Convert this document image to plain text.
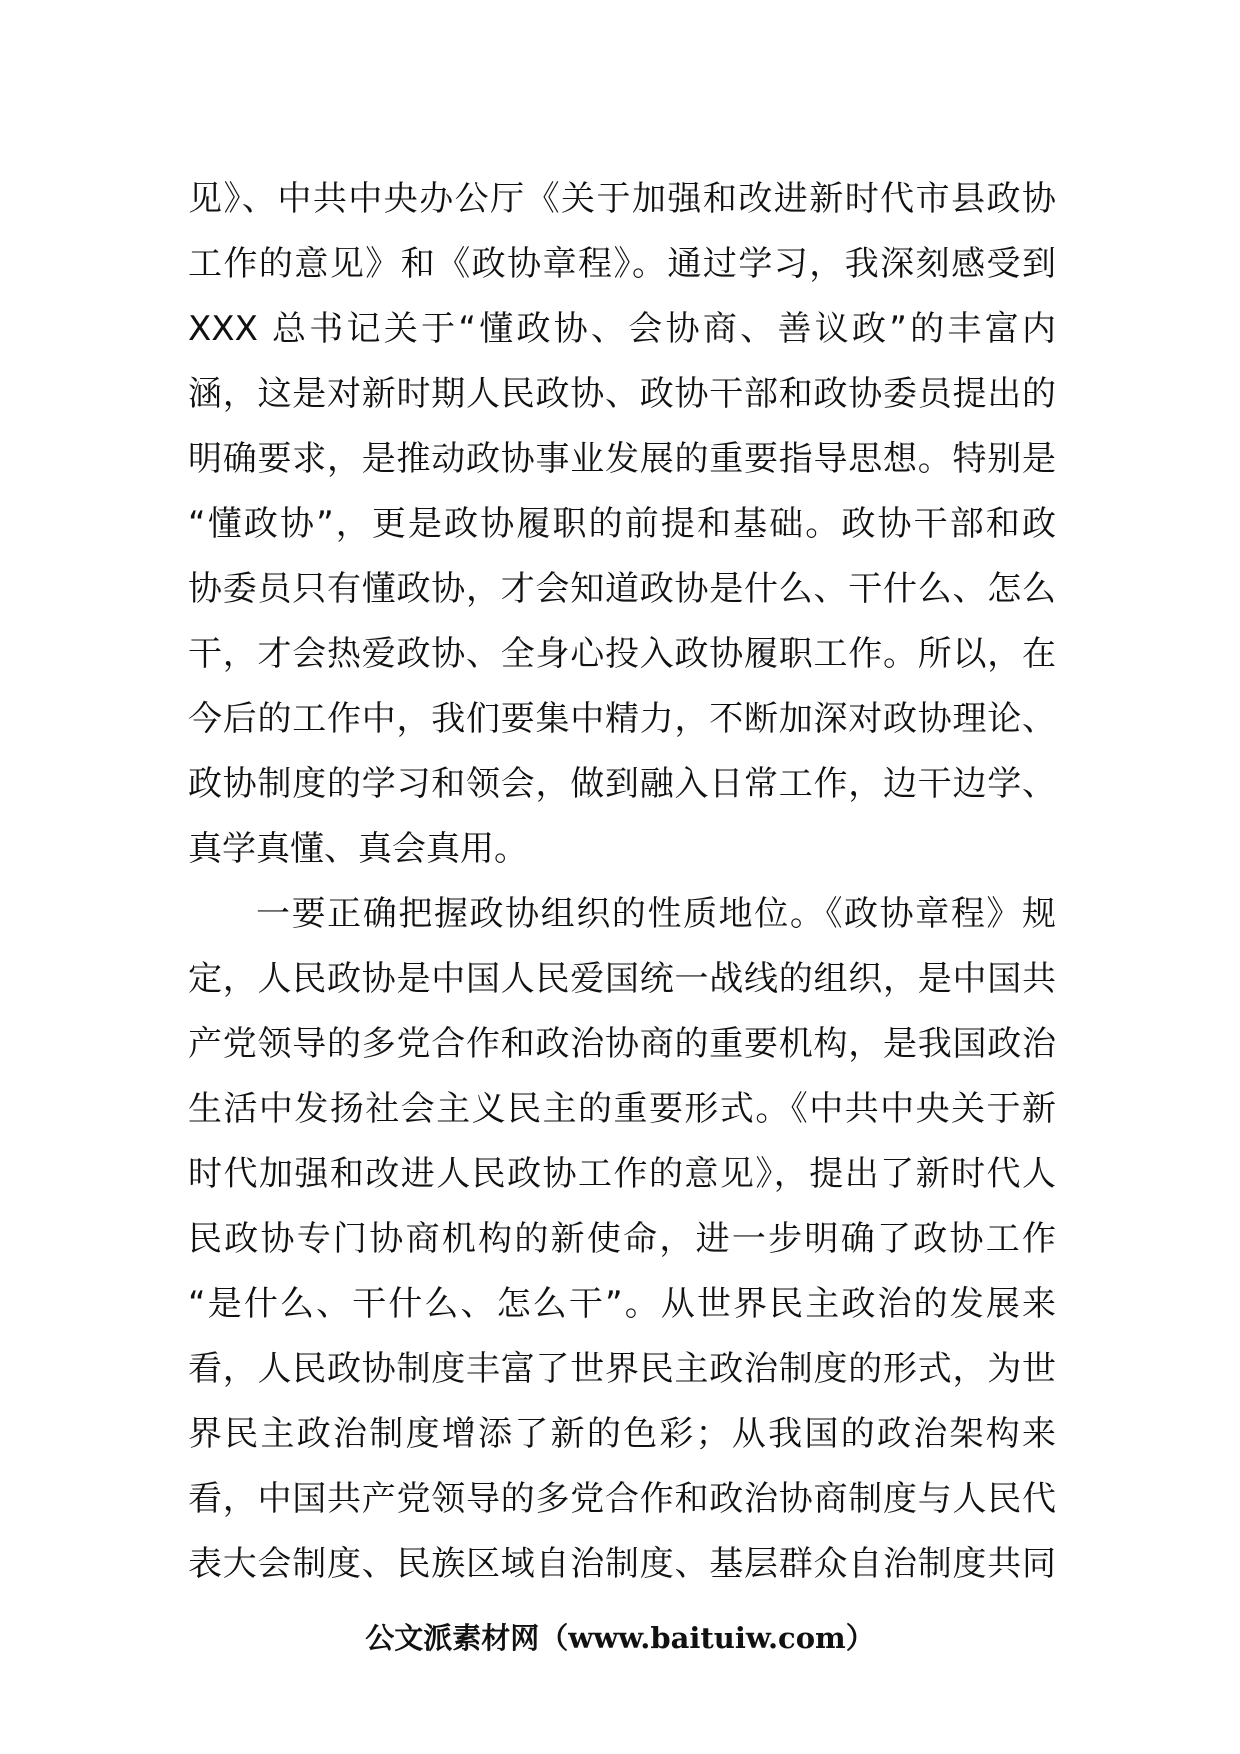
见》、中共中央办公厅《关于加强和改进新时代市县政协
工作的意见》和《政协章程》。通过学习，我深刻感受到
XXX 总书记关于“懂政协、会协商、善议政”的丰富内
涵，这是对新时期人民政协、政协干部和政协委员提出的
明确要求，是推动政协事业发展的重要指导思想。特别是
“懂政协”，更是政协履职的前提和基础。政协干部和政
协委员只有懂政协，才会知道政协是什么、干什么、怎么
干，才会热爱政协、全身心投入政协履职工作。所以，在
今后的工作中，我们要集中精力，不断加深对政协理论、
政协制度的学习和领会，做到融入日常工作，边干边学、
真学真懂、真会真用。
一要正确把握政协组织的性质地位。《政协章程》规
定，人民政协是中国人民爱国统一战线的组织，是中国共
产党领导的多党合作和政治协商的重要机构，是我国政治
生活中发扬社会主义民主的重要形式。《中共中央关于新
时代加强和改进人民政协工作的意见》，提出了新时代人
民政协专门协商机构的新使命，进一步明确了政协工作
“是什么、干什么、怎么干”。从世界民主政治的发展来
看，人民政协制度丰富了世界民主政治制度的形式，为世
界民主政治制度增添了新的色彩；从我国的政治架构来
看，中国共产党领导的多党合作和政治协商制度与人民代
表大会制度、民族区域自治制度、基层群众自治制度共同
公文派素材网（www.baituiw.com）
